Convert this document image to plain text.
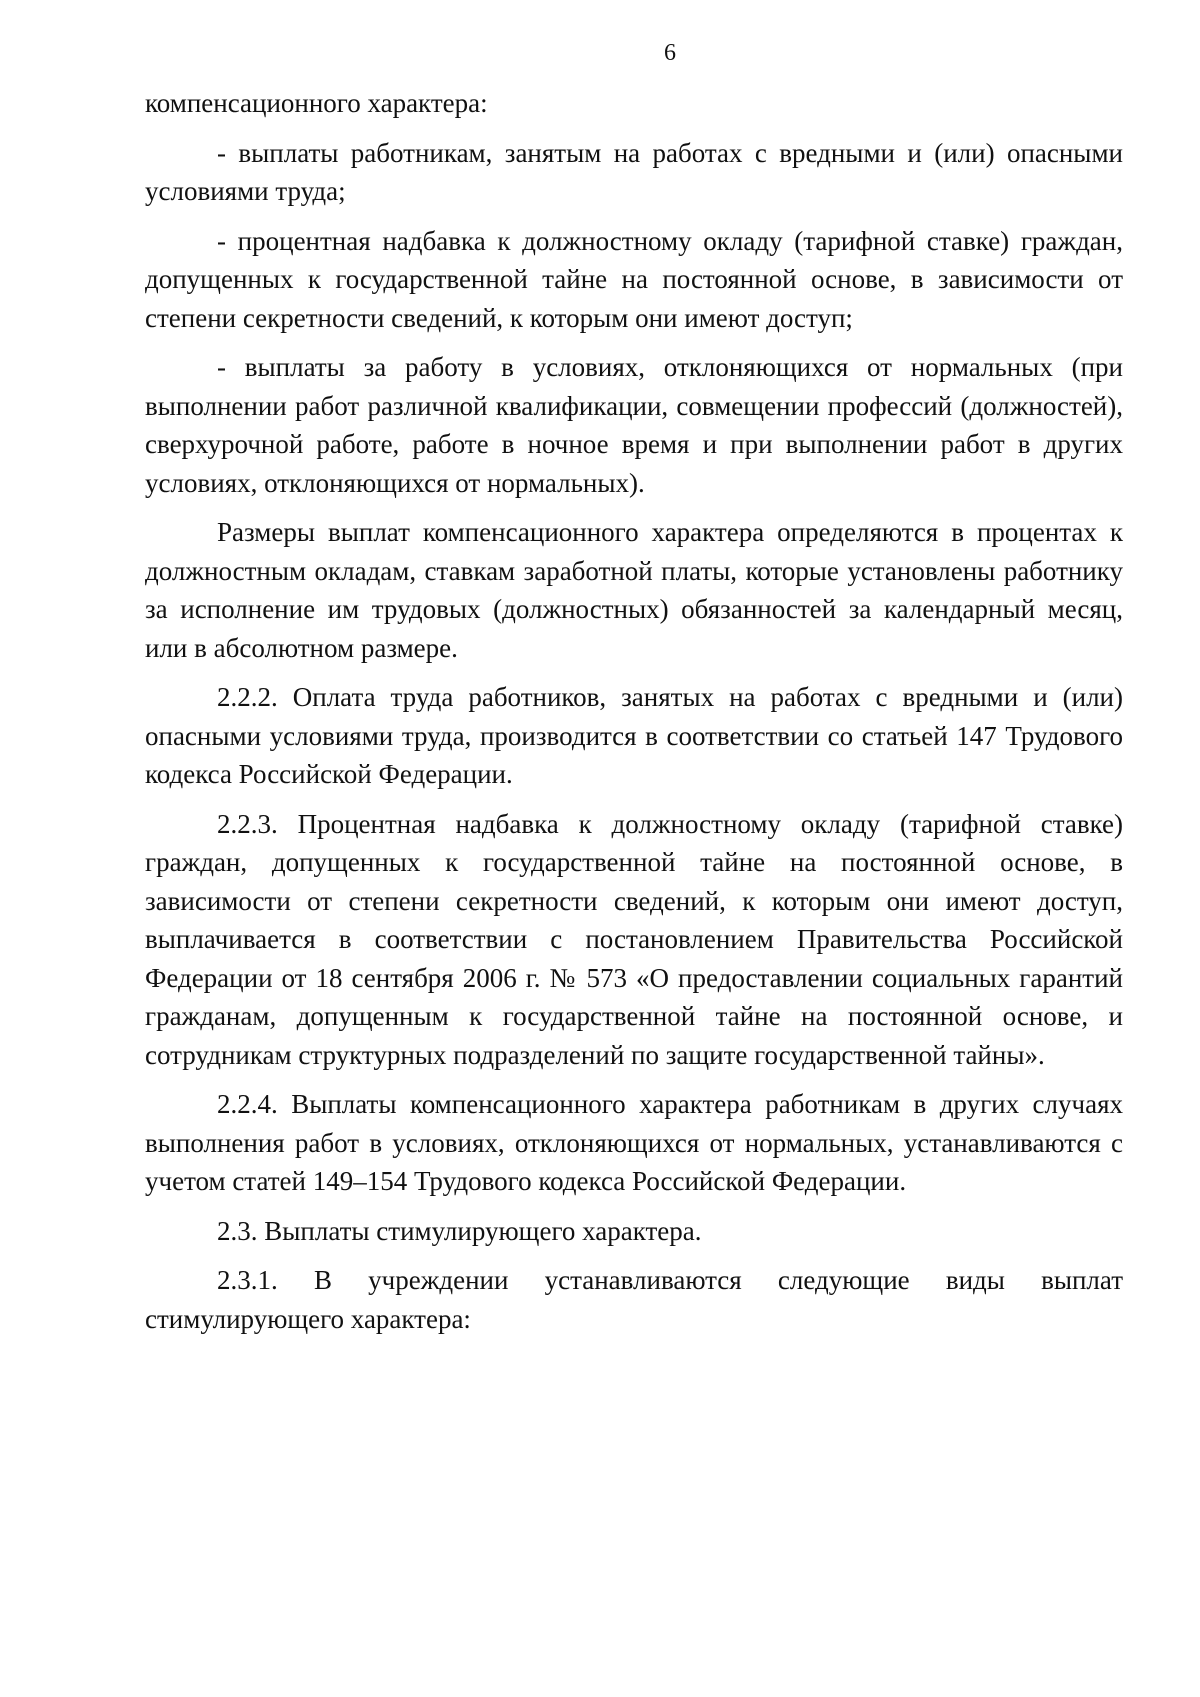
6

компенсационного характера:

- выплаты работникам, занятым на работах с вредными и (или) опасными условиями труда;

- процентная надбавка к должностному окладу (тарифной ставке) граждан, допущенных к государственной тайне на постоянной основе, в зависимости от степени секретности сведений, к которым они имеют доступ;

- выплаты за работу в условиях, отклоняющихся от нормальных (при выполнении работ различной квалификации, совмещении профессий (должностей), сверхурочной работе, работе в ночное время и при выполнении работ в других условиях, отклоняющихся от нормальных).

Размеры выплат компенсационного характера определяются в процентах к должностным окладам, ставкам заработной платы, которые установлены работнику за исполнение им трудовых (должностных) обязанностей за календарный месяц, или в абсолютном размере.

2.2.2. Оплата труда работников, занятых на работах с вредными и (или) опасными условиями труда, производится в соответствии со статьей 147 Трудового кодекса Российской Федерации.

2.2.3. Процентная надбавка к должностному окладу (тарифной ставке) граждан, допущенных к государственной тайне на постоянной основе, в зависимости от степени секретности сведений, к которым они имеют доступ, выплачивается в соответствии с постановлением Правительства Российской Федерации от 18 сентября 2006 г. № 573 «О предоставлении социальных гарантий гражданам, допущенным к государственной тайне на постоянной основе, и сотрудникам структурных подразделений по защите государственной тайны».

2.2.4. Выплаты компенсационного характера работникам в других случаях выполнения работ в условиях, отклоняющихся от нормальных, устанавливаются с учетом статей 149–154 Трудового кодекса Российской Федерации.

2.3. Выплаты стимулирующего характера.

2.3.1. В учреждении устанавливаются следующие виды выплат стимулирующего характера:
